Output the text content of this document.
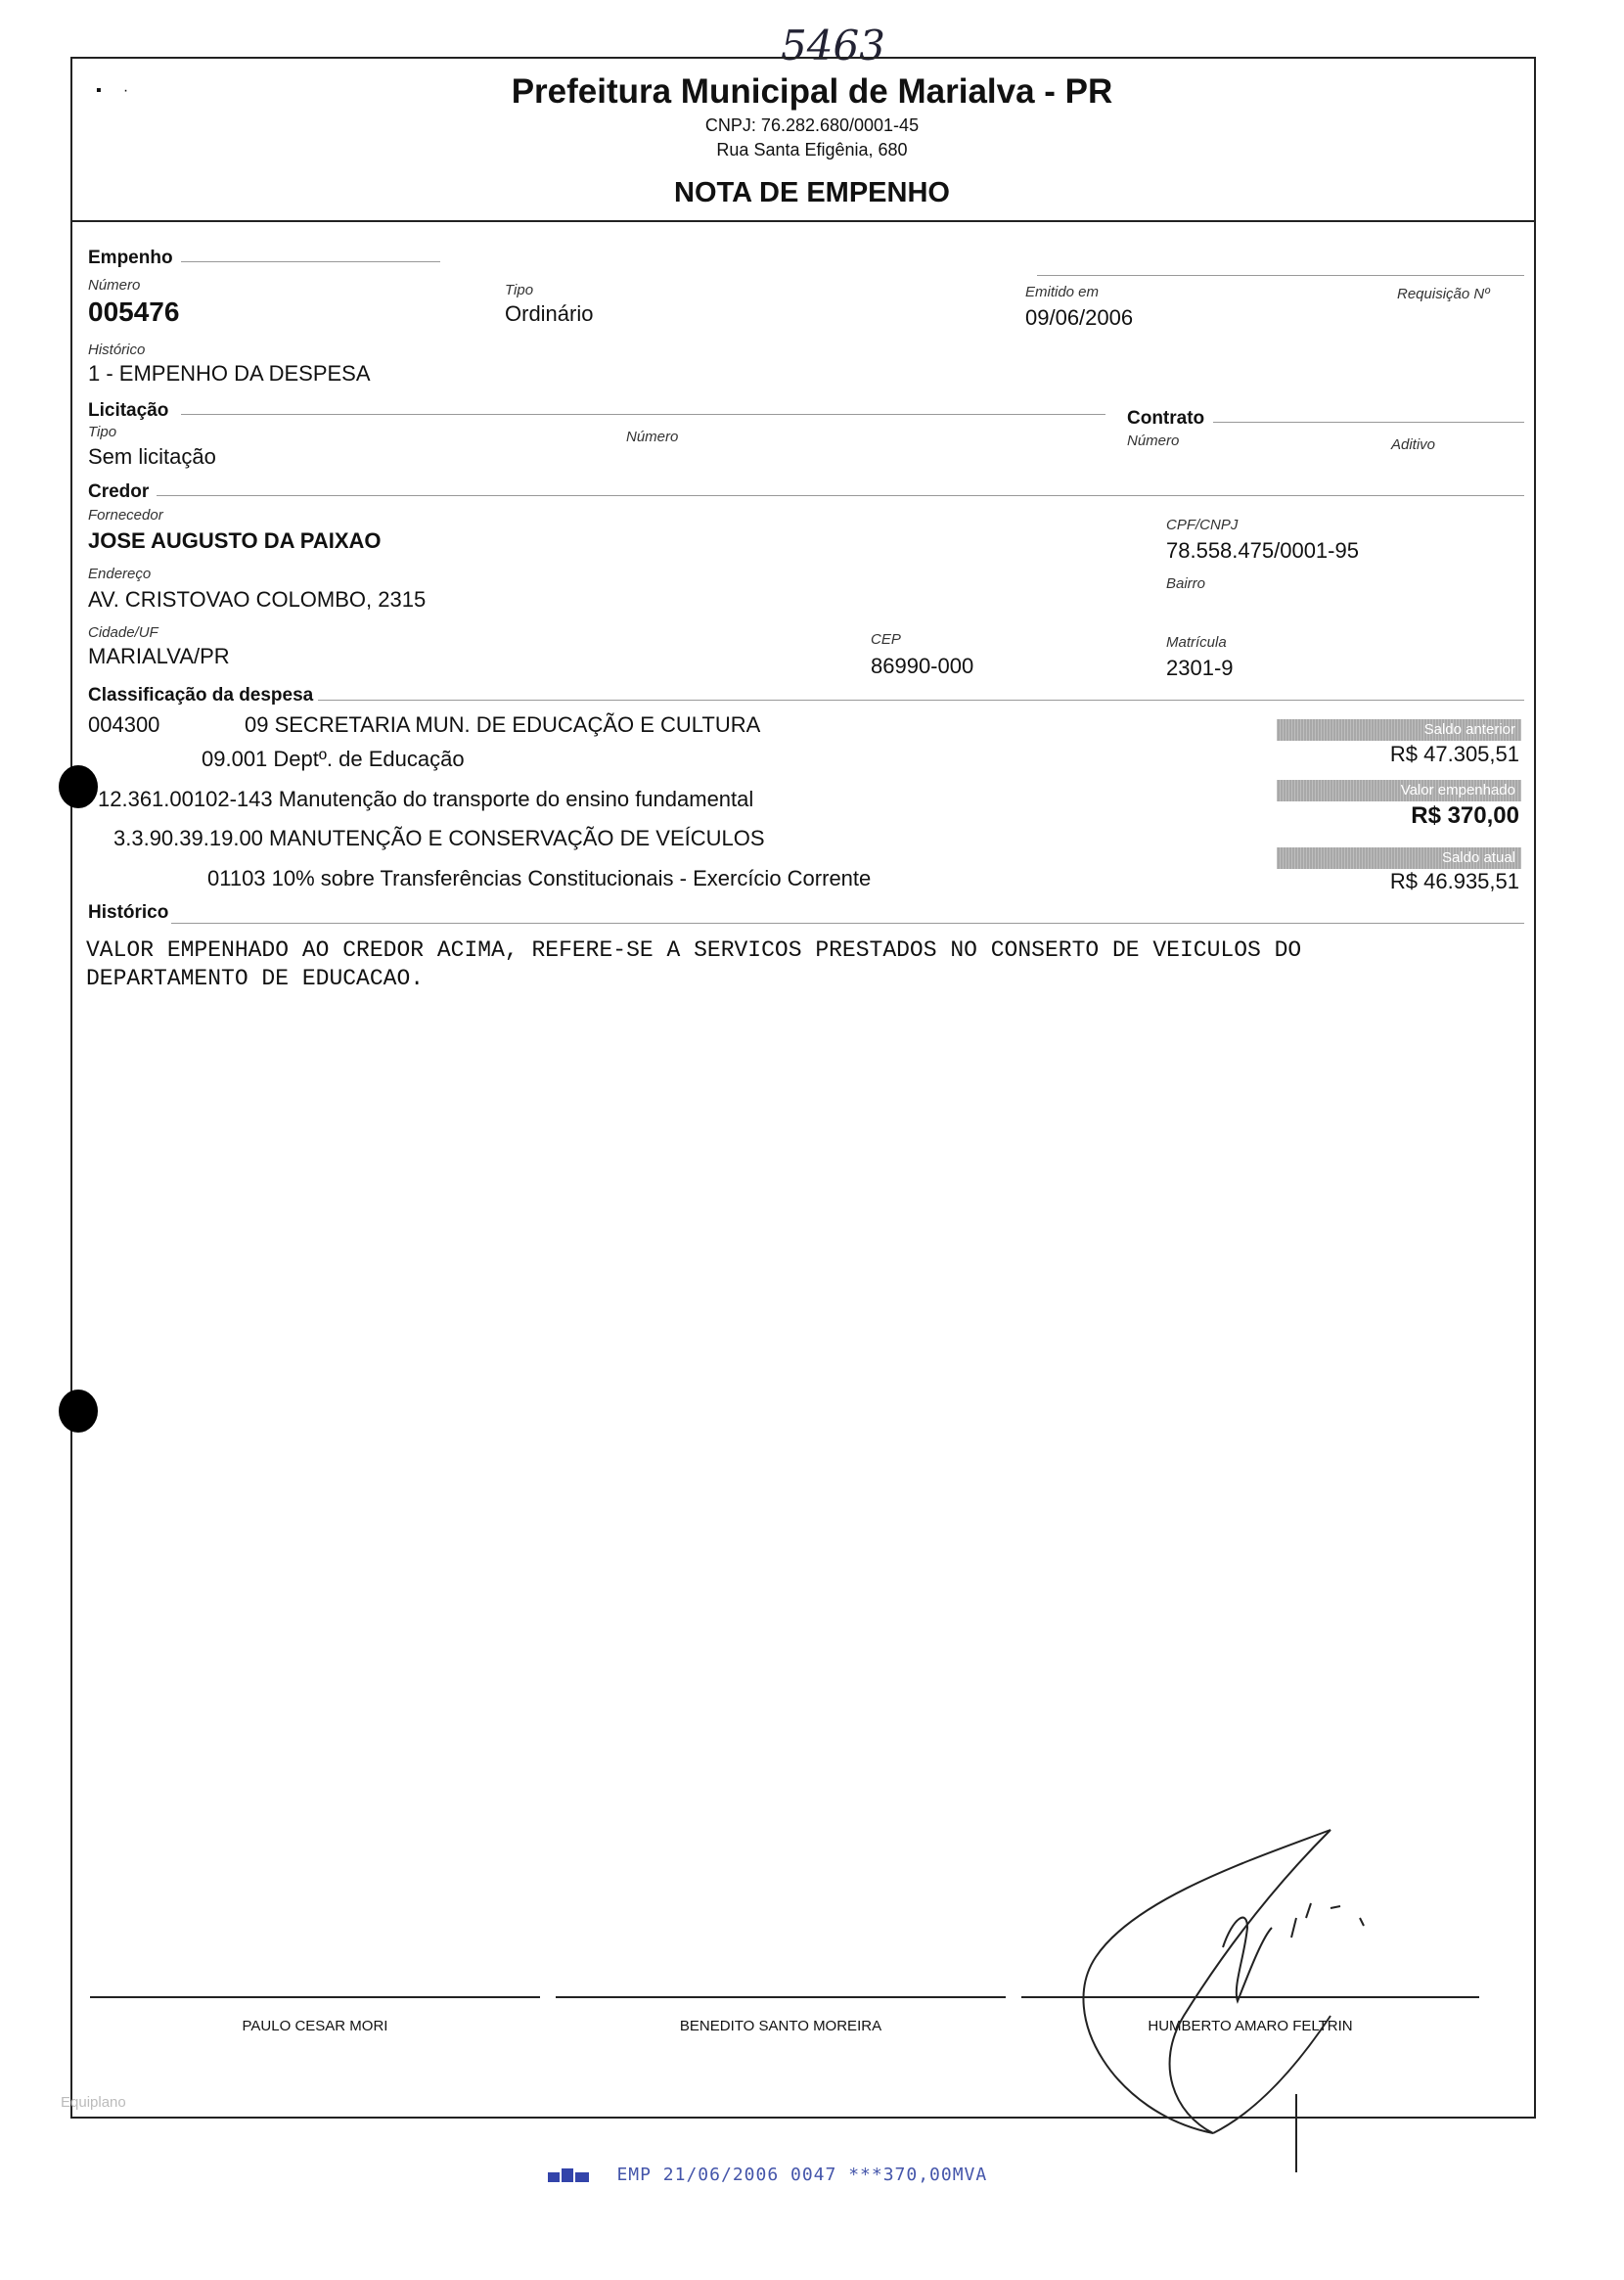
5463
Prefeitura Municipal de Marialva - PR
CNPJ: 76.282.680/0001-45
Rua Santa Efigênia, 680
NOTA DE EMPENHO
▪     ·
Empenho
Número
005476
Tipo
Ordinário
Emitido em
09/06/2006
Requisição Nº
Histórico
1 - EMPENHO DA DESPESA
Licitação
Tipo
Sem licitação
Número
Contrato
Número	Aditivo
Credor
Fornecedor
JOSE AUGUSTO DA PAIXAO
CPF/CNPJ
78.558.475/0001-95
Endereço
AV. CRISTOVAO COLOMBO, 2315
Bairro
Cidade/UF
MARIALVA/PR
CEP
86990-000
Matrícula
2301-9
Classificação da despesa
004300	09 SECRETARIA MUN. DE EDUCAÇÃO E CULTURA
09.001 Deptº. de Educação
12.361.00102-143 Manutenção do transporte do ensino fundamental
3.3.90.39.19.00 MANUTENÇÃO E CONSERVAÇÃO DE VEÍCULOS
01103 10% sobre Transferências Constitucionais - Exercício Corrente
Saldo anterior
R$ 47.305,51
Valor empenhado
R$ 370,00
Saldo atual
R$ 46.935,51
Histórico
VALOR EMPENHADO AO CREDOR ACIMA, REFERE-SE A SERVICOS PRESTADOS NO CONSERTO DE VEICULOS DO
DEPARTAMENTO DE EDUCACAO.
PAULO CESAR MORI	BENEDITO SANTO MOREIRA	HUMBERTO AMARO FELTRIN
Equiplano
EMP 21/06/2006 0047 ***370,00MVA
